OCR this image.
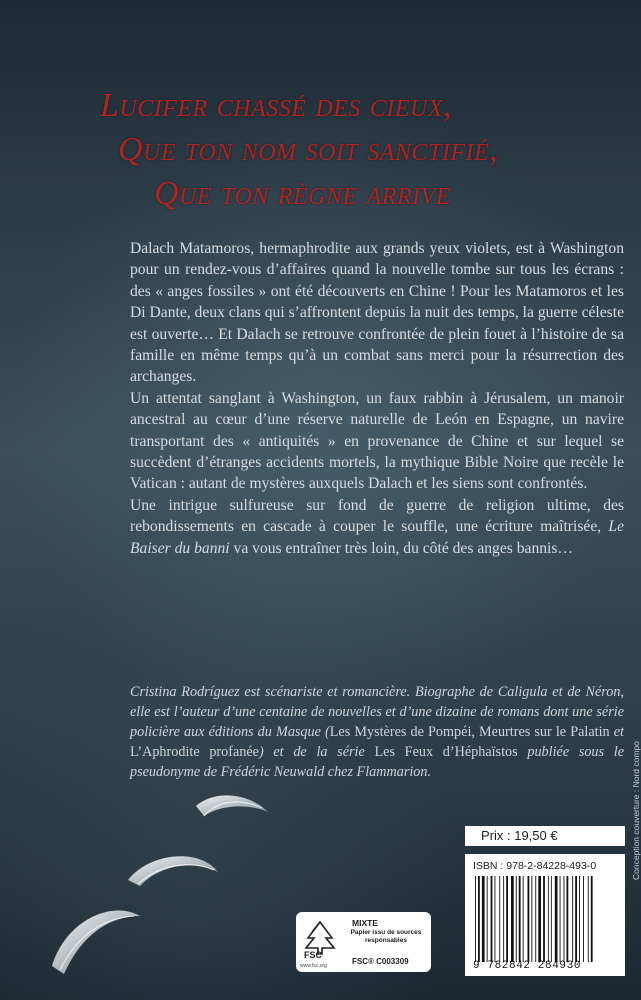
Lucifer chassé des cieux,
Que ton nom soit sanctifié,
Que ton règne arrive

Dalach Matamoros, hermaphrodite aux grands yeux violets, est à Washington pour un rendez-vous d’affaires quand la nouvelle tombe sur tous les écrans : des « anges fossiles » ont été découverts en Chine ! Pour les Matamoros et les Di Dante, deux clans qui s’affrontent depuis la nuit des temps, la guerre céleste est ouverte… Et Dalach se retrouve confrontée de plein fouet à l’histoire de sa famille en même temps qu’à un combat sans merci pour la résurrection des archanges.

Un attentat sanglant à Washington, un faux rabbin à Jérusalem, un manoir ancestral au cœur d’une réserve naturelle de León en Espagne, un navire transportant des « antiquités » en provenance de Chine et sur lequel se succèdent d’étranges accidents mortels, la mythique Bible Noire que recèle le Vatican : autant de mystères auxquels Dalach et les siens sont confrontés.

Une intrigue sulfureuse sur fond de guerre de religion ultime, des rebondissements en cascade à couper le souffle, une écriture maîtrisée, Le Baiser du banni va vous entraîner très loin, du côté des anges bannis…

Cristina Rodríguez est scénariste et romancière. Biographe de Caligula et de Néron, elle est l’auteur d’une centaine de nouvelles et d’une dizaine de romans dont une série policière aux éditions du Masque (Les Mystères de Pompéi, Meurtres sur le Palatin et L’Aphrodite profanée) et de la série Les Feux d’Héphaïstos publiée sous le pseudonyme de Frédéric Neuwald chez Flammarion.
Prix : 19,50 €
ISBN : 978-2-84228-493-0
9 782842 284930
FSC
www.fsc.org
MIXTE
Papier issu de sources responsables
FSC® C003309
Conception couverture : Nord compo
